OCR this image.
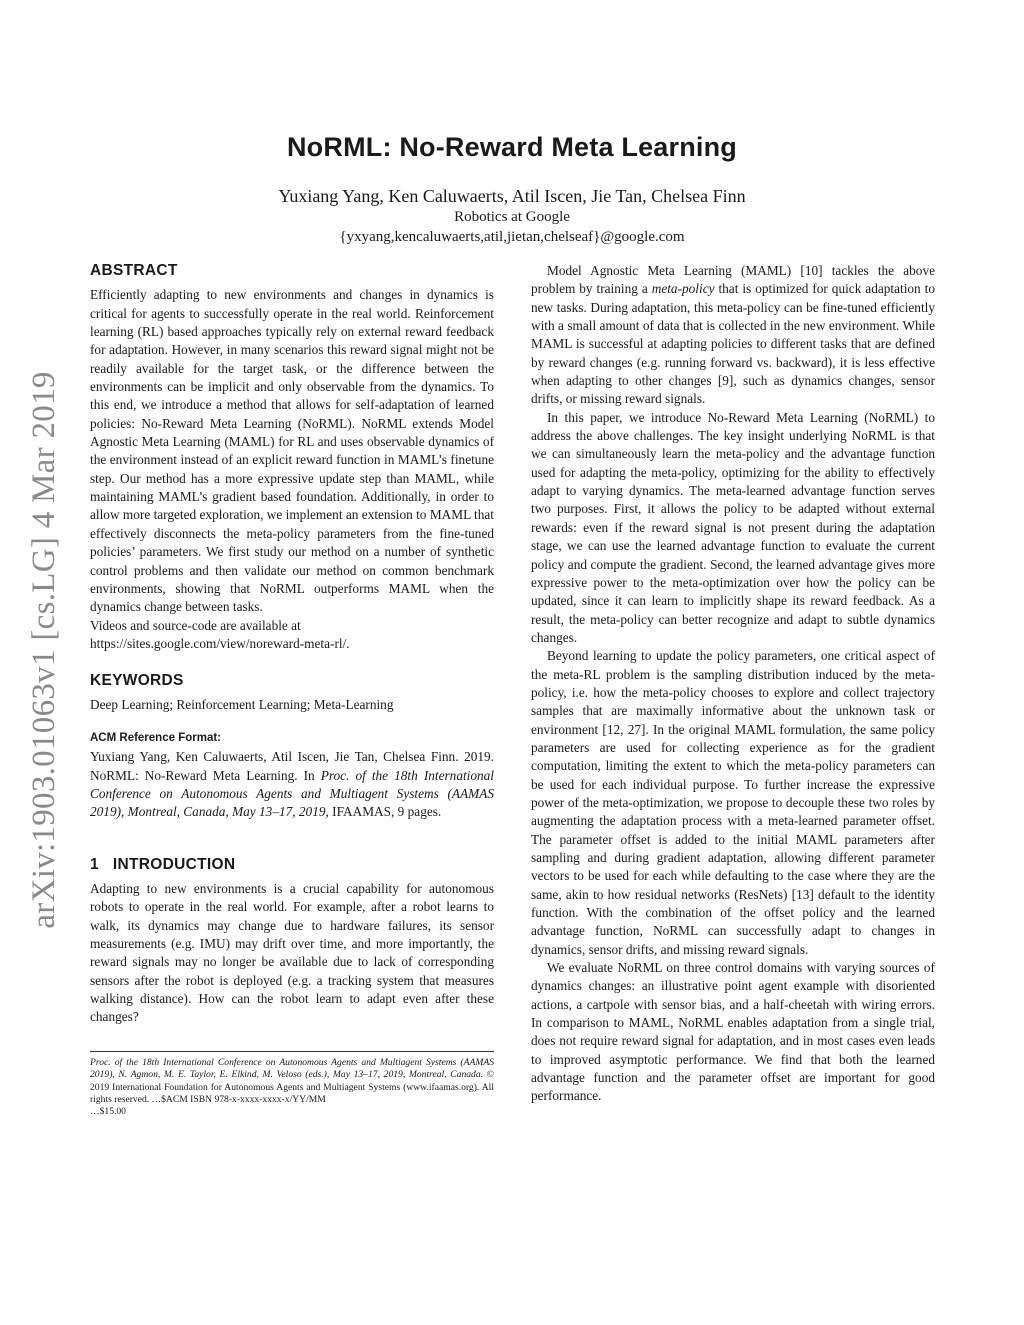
NoRML: No-Reward Meta Learning
Yuxiang Yang, Ken Caluwaerts, Atil Iscen, Jie Tan, Chelsea Finn
Robotics at Google
{yxyang,kencaluwaerts,atil,jietan,chelseaf}@google.com
arXiv:1903.01063v1 [cs.LG] 4 Mar 2019
ABSTRACT

Efficiently adapting to new environments and changes in dynamics is critical for agents to successfully operate in the real world. Reinforcement learning (RL) based approaches typically rely on external reward feedback for adaptation. However, in many scenarios this reward signal might not be readily available for the target task, or the difference between the environments can be implicit and only observable from the dynamics. To this end, we introduce a method that allows for self-adaptation of learned policies: No-Reward Meta Learning (NoRML). NoRML extends Model Agnostic Meta Learning (MAML) for RL and uses observable dynamics of the environment instead of an explicit reward function in MAML’s finetune step. Our method has a more expressive update step than MAML, while maintaining MAML’s gradient based foundation. Additionally, in order to allow more targeted exploration, we implement an extension to MAML that effectively disconnects the meta-policy parameters from the fine-tuned policies’ parameters. We first study our method on a number of synthetic control problems and then validate our method on common benchmark environments, showing that NoRML outperforms MAML when the dynamics change between tasks.

Videos and source-code are available at https://sites.google.com/view/noreward-meta-rl/.

KEYWORDS

Deep Learning; Reinforcement Learning; Meta-Learning

ACM Reference Format:

Yuxiang Yang, Ken Caluwaerts, Atil Iscen, Jie Tan, Chelsea Finn. 2019. NoRML: No-Reward Meta Learning. In Proc. of the 18th International Conference on Autonomous Agents and Multiagent Systems (AAMAS 2019), Montreal, Canada, May 13–17, 2019, IFAAMAS, 9 pages.

1 INTRODUCTION

Adapting to new environments is a crucial capability for autonomous robots to operate in the real world. For example, after a robot learns to walk, its dynamics may change due to hardware failures, its sensor measurements (e.g. IMU) may drift over time, and more importantly, the reward signals may no longer be available due to lack of corresponding sensors after the robot is deployed (e.g. a tracking system that measures walking distance). How can the robot learn to adapt even after these changes?

Proc. of the 18th International Conference on Autonomous Agents and Multiagent Systems (AAMAS 2019), N. Agmon, M. E. Taylor, E. Elkind, M. Veloso (eds.), May 13–17, 2019, Montreal, Canada. © 2019 International Foundation for Autonomous Agents and Multiagent Systems (www.ifaamas.org). All rights reserved. …$ACM ISBN 978-x-xxxx-xxxx-x/YY/MM
…$15.00

Model Agnostic Meta Learning (MAML) [10] tackles the above problem by training a meta-policy that is optimized for quick adaptation to new tasks. During adaptation, this meta-policy can be fine-tuned efficiently with a small amount of data that is collected in the new environment. While MAML is successful at adapting policies to different tasks that are defined by reward changes (e.g. running forward vs. backward), it is less effective when adapting to other changes [9], such as dynamics changes, sensor drifts, or missing reward signals.

In this paper, we introduce No-Reward Meta Learning (NoRML) to address the above challenges. The key insight underlying NoRML is that we can simultaneously learn the meta-policy and the advantage function used for adapting the meta-policy, optimizing for the ability to effectively adapt to varying dynamics. The meta-learned advantage function serves two purposes. First, it allows the policy to be adapted without external rewards: even if the reward signal is not present during the adaptation stage, we can use the learned advantage function to evaluate the current policy and compute the gradient. Second, the learned advantage gives more expressive power to the meta-optimization over how the policy can be updated, since it can learn to implicitly shape its reward feedback. As a result, the meta-policy can better recognize and adapt to subtle dynamics changes.

Beyond learning to update the policy parameters, one critical aspect of the meta-RL problem is the sampling distribution induced by the meta-policy, i.e. how the meta-policy chooses to explore and collect trajectory samples that are maximally informative about the unknown task or environment [12, 27]. In the original MAML formulation, the same policy parameters are used for collecting experience as for the gradient computation, limiting the extent to which the meta-policy parameters can be used for each individual purpose. To further increase the expressive power of the meta-optimization, we propose to decouple these two roles by augmenting the adaptation process with a meta-learned parameter offset. The parameter offset is added to the initial MAML parameters after sampling and during gradient adaptation, allowing different parameter vectors to be used for each while defaulting to the case where they are the same, akin to how residual networks (ResNets) [13] default to the identity function. With the combination of the offset policy and the learned advantage function, NoRML can successfully adapt to changes in dynamics, sensor drifts, and missing reward signals.

We evaluate NoRML on three control domains with varying sources of dynamics changes: an illustrative point agent example with disoriented actions, a cartpole with sensor bias, and a half-cheetah with wiring errors. In comparison to MAML, NoRML enables adaptation from a single trial, does not require reward signal for adaptation, and in most cases even leads to improved asymptotic performance. We find that both the learned advantage function and the parameter offset are important for good performance.
